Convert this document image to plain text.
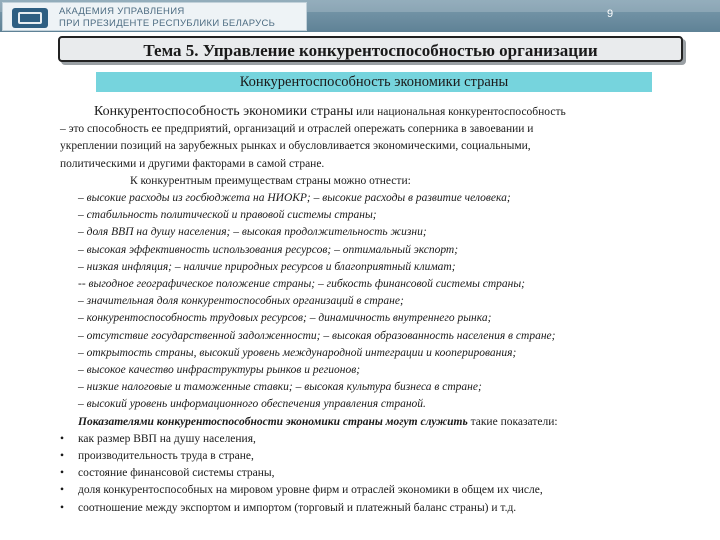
АКАДЕМИЯ УПРАВЛЕНИЯ
ПРИ ПРЕЗИДЕНТЕ РЕСПУБЛИКИ БЕЛАРУСЬ
9
Тема 5. Управление конкурентоспособностью организации
Конкурентоспособность экономики страны
Конкурентоспособность экономики страны или национальная конкурентоспособность
– это способность ее предприятий, организаций и отраслей опережать соперника в завоевании и
укреплении позиций на зарубежных рынках и обусловливается экономическими, социальными,
политическими и другими факторами в самой стране.
К конкурентным преимуществам страны можно отнести:
– высокие расходы из госбюджета на НИОКР; – высокие расходы в развитие человека;
– стабильность политической и правовой системы страны;
– доля ВВП на душу населения; – высокая продолжительность жизни;
– высокая эффективность использования ресурсов; – оптимальный экспорт;
– низкая инфляция; – наличие природных ресурсов и благоприятный климат;
-- выгодное географическое положение страны; – гибкость финансовой системы страны;
– значительная доля конкурентоспособных организаций в стране;
– конкурентоспособность трудовых ресурсов; – динамичность внутреннего рынка;
– отсутствие государственной задолженности; – высокая образованность населения в стране;
– открытость страны, высокий уровень международной интеграции и кооперирования;
– высокое качество инфраструктуры рынков и регионов;
– низкие налоговые и таможенные ставки; – высокая культура бизнеса в стране;
– высокий уровень информационного обеспечения управления страной.
Показателями конкурентоспособности экономики страны могут служить такие показатели:
• как размер ВВП на душу населения,
• производительность труда в стране,
• состояние финансовой системы страны,
• доля конкурентоспособных на мировом уровне фирм и отраслей экономики в общем их числе,
• соотношение между экспортом и импортом (торговый и платежный баланс страны) и т.д.
